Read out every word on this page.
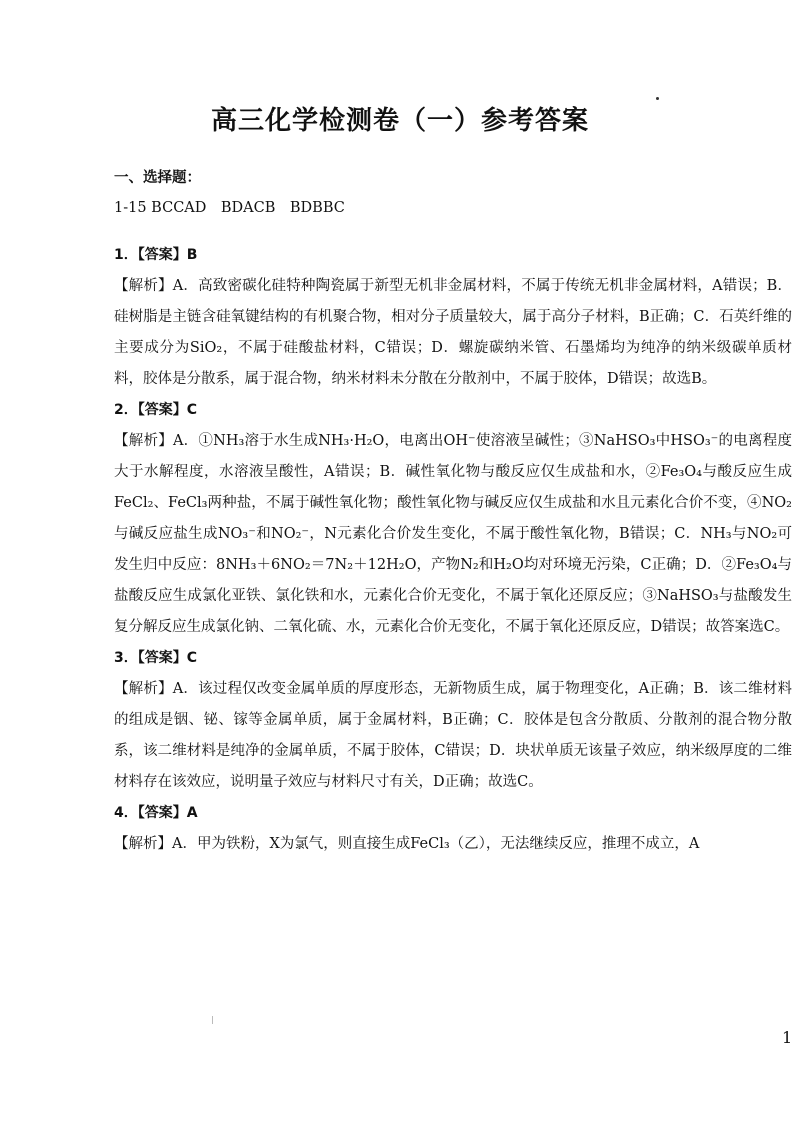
高三化学检测卷（一）参考答案

一、选择题：

1-15 BCCAD　BDACB　BDBBC

1．【答案】B

【解析】A．高致密碳化硅特种陶瓷属于新型无机非金属材料，不属于传统无机非金属材料，A错误；B．硅树脂是主链含硅氧键结构的有机聚合物，相对分子质量较大，属于高分子材料，B正确；C．石英纤维的主要成分为SiO₂，不属于硅酸盐材料，C错误；D．螺旋碳纳米管、石墨烯均为纯净的纳米级碳单质材料，胶体是分散系，属于混合物，纳米材料未分散在分散剂中，不属于胶体，D错误；故选B。

2．【答案】C

【解析】A．①NH₃溶于水生成NH₃·H₂O，电离出OH⁻使溶液呈碱性；③NaHSO₃中HSO₃⁻的电离程度大于水解程度，水溶液呈酸性，A错误；B．碱性氧化物与酸反应仅生成盐和水，②Fe₃O₄与酸反应生成FeCl₂、FeCl₃两种盐，不属于碱性氧化物；酸性氧化物与碱反应仅生成盐和水且元素化合价不变，④NO₂与碱反应盐生成NO₃⁻和NO₂⁻，N元素化合价发生变化，不属于酸性氧化物，B错误；C．NH₃与NO₂可发生归中反应：8NH₃＋6NO₂＝7N₂＋12H₂O，产物N₂和H₂O均对环境无污染，C正确；D．②Fe₃O₄与盐酸反应生成氯化亚铁、氯化铁和水，元素化合价无变化，不属于氧化还原反应；③NaHSO₃与盐酸发生复分解反应生成氯化钠、二氧化硫、水，元素化合价无变化，不属于氧化还原反应，D错误；故答案选C。

3．【答案】C

【解析】A．该过程仅改变金属单质的厚度形态，无新物质生成，属于物理变化，A正确；B．该二维材料的组成是铟、铋、镓等金属单质，属于金属材料，B正确；C．胶体是包含分散质、分散剂的混合物分散系，该二维材料是纯净的金属单质，不属于胶体，C错误；D．块状单质无该量子效应，纳米级厚度的二维材料存在该效应，说明量子效应与材料尺寸有关，D正确；故选C。

4．【答案】A

【解析】A．甲为铁粉，X为氯气，则直接生成FeCl₃（乙），无法继续反应，推理不成立，A

1
